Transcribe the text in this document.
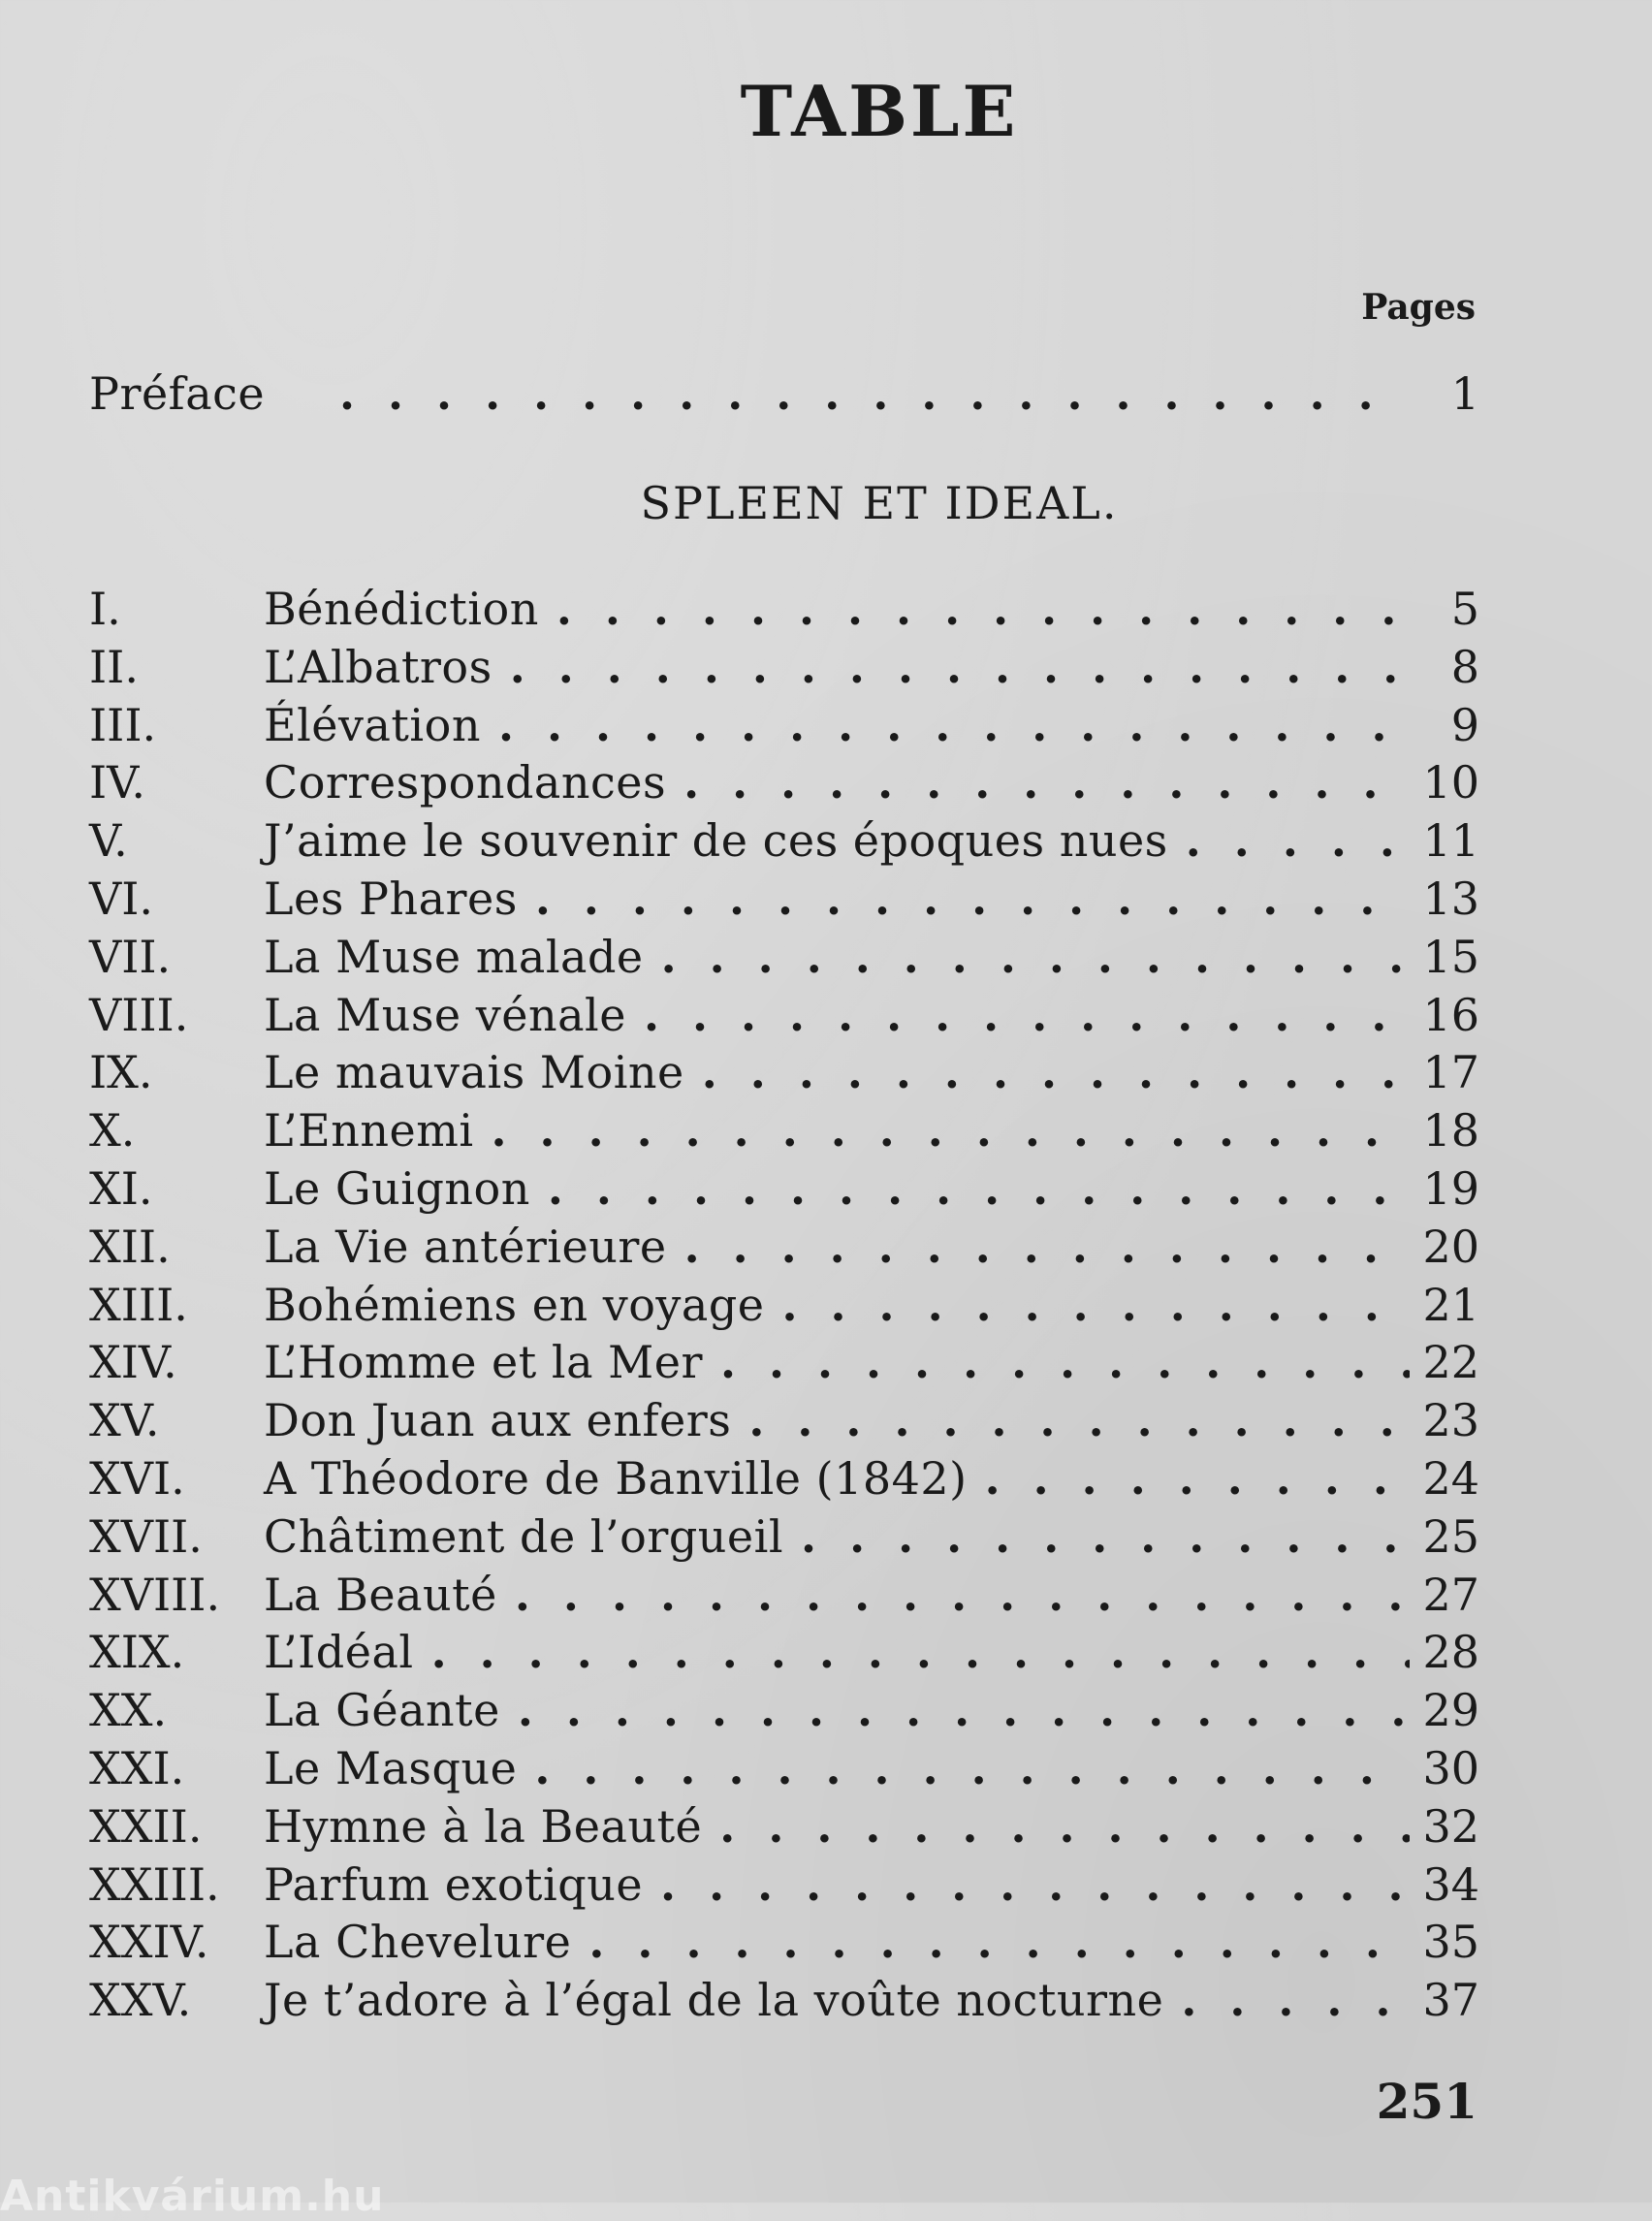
TABLE
Pages
Préface . . .	1
SPLEEN ET IDEAL.
I.	Bénédiction . . .	5
II.	L’Albatros . . .	8
III.	Élévation . . .	9
IV.	Correspondances . . .	10
V.	J’aime le souvenir de ces époques nues . . .	11
VI.	Les Phares . . .	13
VII.	La Muse malade . . .	15
VIII.	La Muse vénale . . .	16
IX.	Le mauvais Moine . . .	17
X.	L’Ennemi . . .	18
XI.	Le Guignon . . .	19
XII.	La Vie antérieure . . .	20
XIII.	Bohémiens en voyage . . .	21
XIV.	L’Homme et la Mer . . .	22
XV.	Don Juan aux enfers . . .	23
XVI.	A Théodore de Banville (1842) . . .	24
XVII.	Châtiment de l’orgueil . . .	25
XVIII. La Beauté . . .	27
XIX.	L’Idéal . . .	28
XX.	La Géante . . .	29
XXI.	Le Masque . . .	30
XXII.	Hymne à la Beauté . . .	32
XXIII. Parfum exotique . . .	34
XXIV.	La Chevelure . . .	35
XXV.	Je t’adore à l’égal de la voûte nocturne . . .	37
251
Antikvárium.hu
